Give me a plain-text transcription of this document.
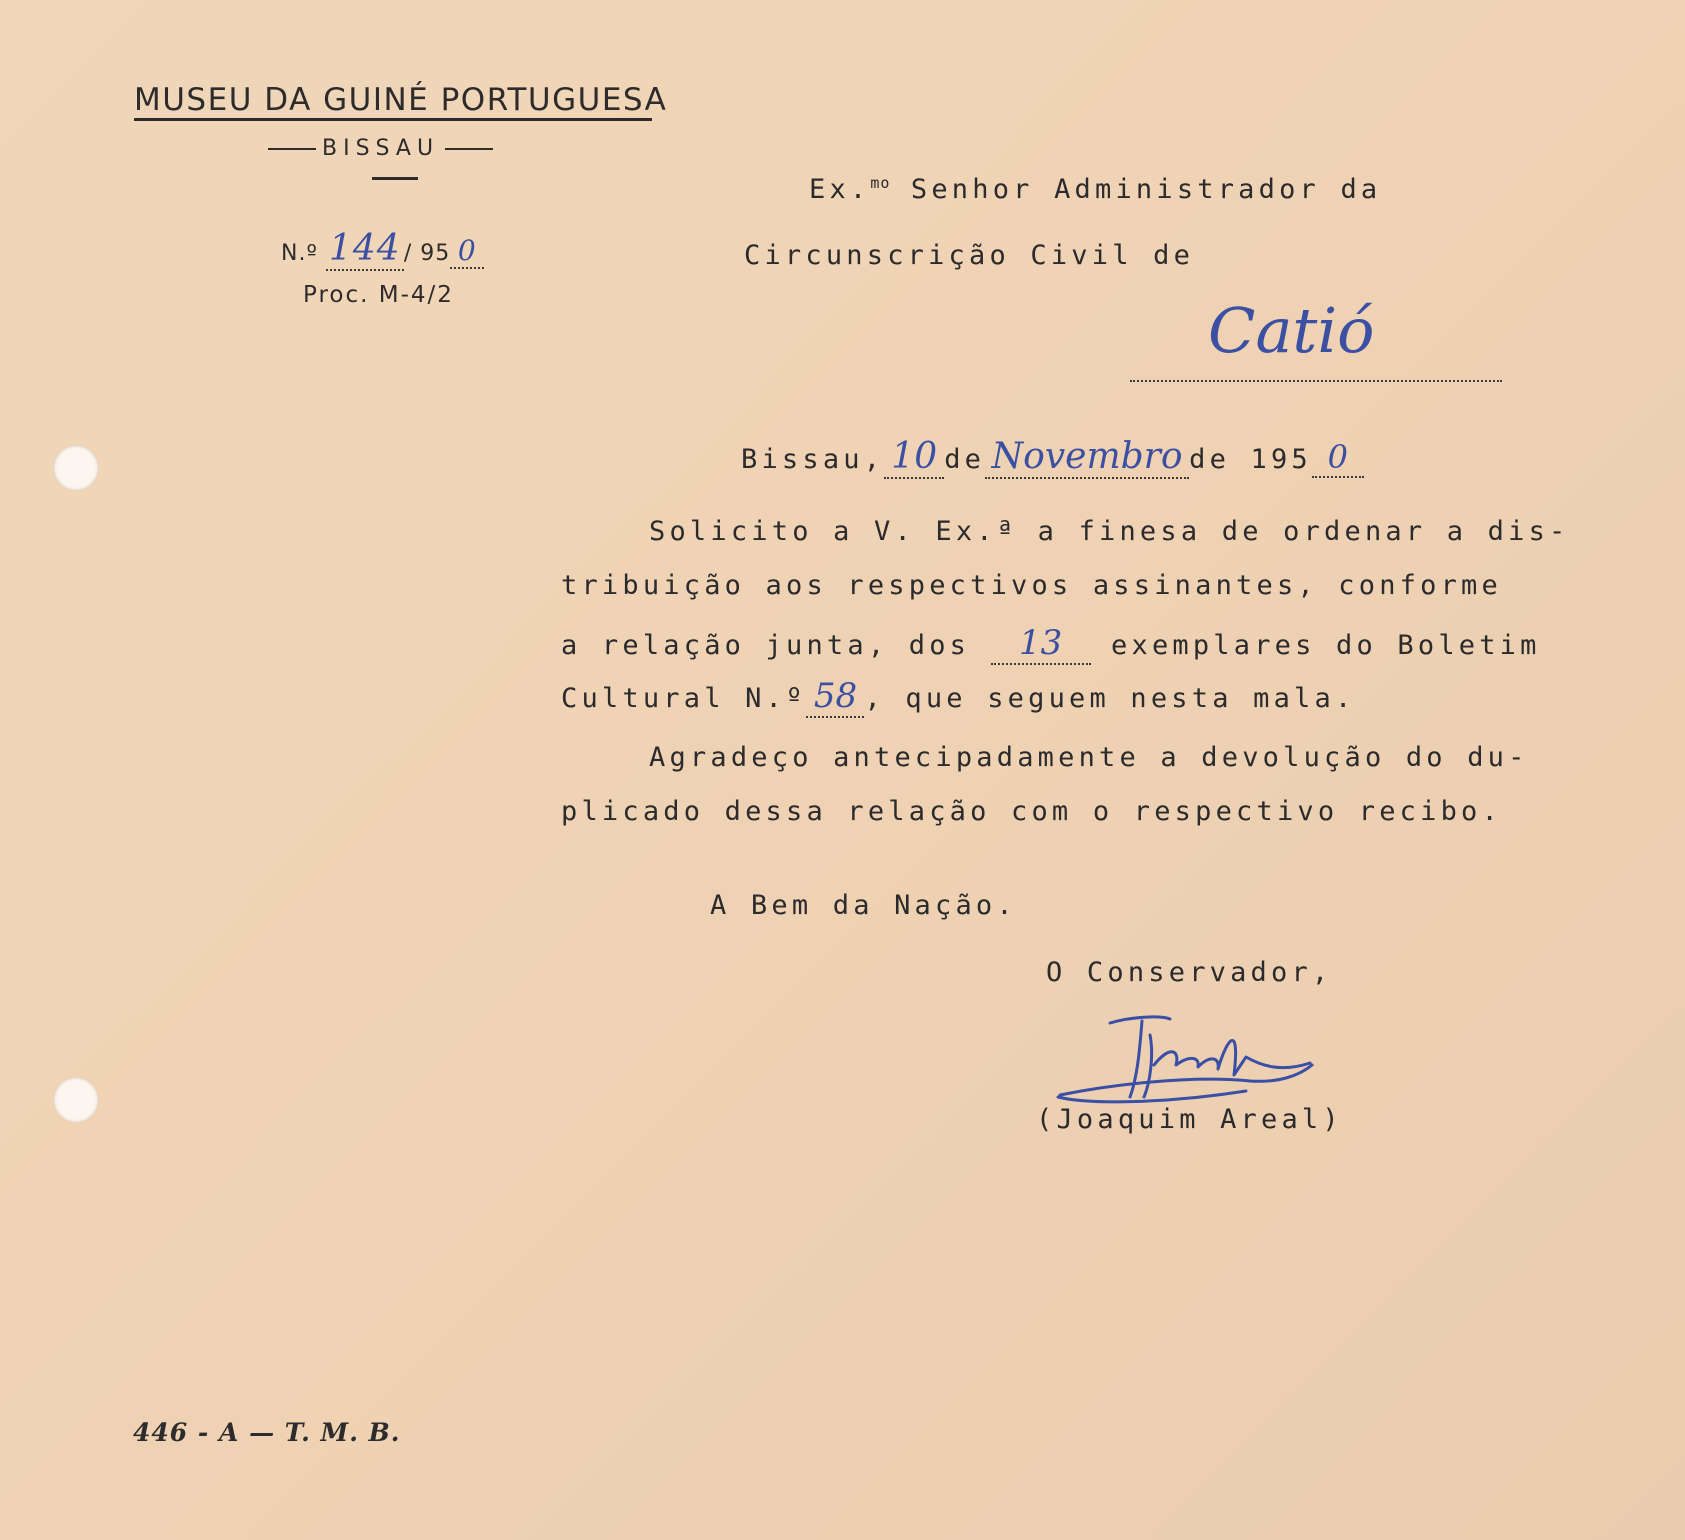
MUSEU DA GUINÉ PORTUGUESA
BISSAU
N.º 144 / 95 0
Proc. M-4/2
Ex.$^{mo}$ Senhor Administrador da
Circunscrição Civil de
Catió
Bissau, 10 de Novembro de 195 0
Solicito a V. Ex.ª a finesa de ordenar a dis-
tribuição aos respectivos assinantes, conforme
a relação junta, dos 13 exemplares do Boletim
Cultural N.º 58 , que seguem nesta mala.
Agradeço antecipadamente a devolução do du-
plicado dessa relação com o respectivo recibo.
A Bem da Nação.
O Conservador,
(Joaquim Areal)
446 - A — T. M. B.
